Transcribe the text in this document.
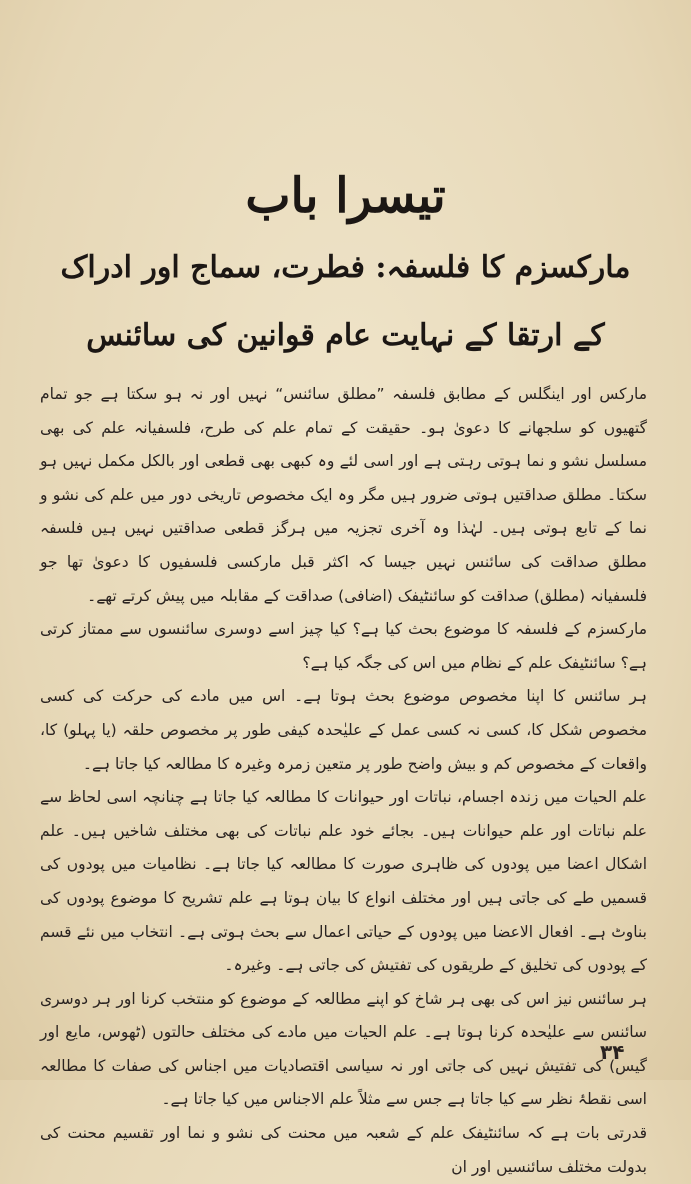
تیسرا باب
مارکسزم کا فلسفہ: فطرت، سماج اور ادراک
کے ارتقا کے نہایت عام قوانین کی سائنس

مارکس اور اینگلس کے مطابق فلسفہ ”مطلق سائنس“ نہیں اور نہ ہو سکتا ہے جو تمام گتھیوں کو سلجھانے کا دعویٰ ہو۔ حقیقت کے تمام علم کی طرح، فلسفیانہ علم کی بھی مسلسل نشو و نما ہوتی رہتی ہے اور اسی لئے وہ کبھی بھی قطعی اور بالکل مکمل نہیں ہو سکتا۔ مطلق صداقتیں ہوتی ضرور ہیں مگر وہ ایک مخصوص تاریخی دور میں علم کی نشو و نما کے تابع ہوتی ہیں۔ لہٰذا وہ آخری تجزیہ میں ہرگز قطعی صداقتیں نہیں ہیں فلسفہ مطلق صداقت کی سائنس نہیں جیسا کہ اکثر قبل مارکسی فلسفیوں کا دعویٰ تھا جو فلسفیانہ (مطلق) صداقت کو سائنٹیفک (اضافی) صداقت کے مقابلہ میں پیش کرتے تھے۔

مارکسزم کے فلسفہ کا موضوع بحث کیا ہے؟ کیا چیز اسے دوسری سائنسوں سے ممتاز کرتی ہے؟ سائنٹیفک علم کے نظام میں اس کی جگہ کیا ہے؟

ہر سائنس کا اپنا مخصوص موضوع بحث ہوتا ہے۔ اس میں مادے کی حرکت کی کسی مخصوص شکل کا، کسی نہ کسی عمل کے علیٰحدہ کیفی طور پر مخصوص حلقہ (یا پہلو) کا، واقعات کے مخصوص کم و بیش واضح طور پر متعین زمرہ وغیرہ کا مطالعہ کیا جاتا ہے۔

علم الحیات میں زندہ اجسام، نباتات اور حیوانات کا مطالعہ کیا جاتا ہے چنانچہ اسی لحاظ سے علم نباتات اور علم حیوانات ہیں۔ بجائے خود علم نباتات کی بھی مختلف شاخیں ہیں۔ علم اشکال اعضا میں پودوں کی ظاہری صورت کا مطالعہ کیا جاتا ہے۔ نظامیات میں پودوں کی قسمیں طے کی جاتی ہیں اور مختلف انواع کا بیان ہوتا ہے علم تشریح کا موضوع پودوں کی بناوٹ ہے۔ افعال الاعضا میں پودوں کے حیاتی اعمال سے بحث ہوتی ہے۔ انتخاب میں نئے قسم کے پودوں کی تخلیق کے طریقوں کی تفتیش کی جاتی ہے۔ وغیرہ۔

ہر سائنس نیز اس کی بھی ہر شاخ کو اپنے مطالعہ کے موضوع کو منتخب کرنا اور ہر دوسری سائنس سے علیٰحدہ کرنا ہوتا ہے۔ علم الحیات میں مادے کی مختلف حالتوں (ٹھوس، مایع اور گیس) کی تفتیش نہیں کی جاتی اور نہ سیاسی اقتصادیات میں اجناس کی صفات کا مطالعہ اسی نقطۂ نظر سے کیا جاتا ہے جس سے مثلاً علم الاجناس میں کیا جاتا ہے۔

قدرتی بات ہے کہ سائنٹیفک علم کے شعبہ میں محنت کی نشو و نما اور تقسیم محنت کی بدولت مختلف سائنسیں اور ان

۳۴
